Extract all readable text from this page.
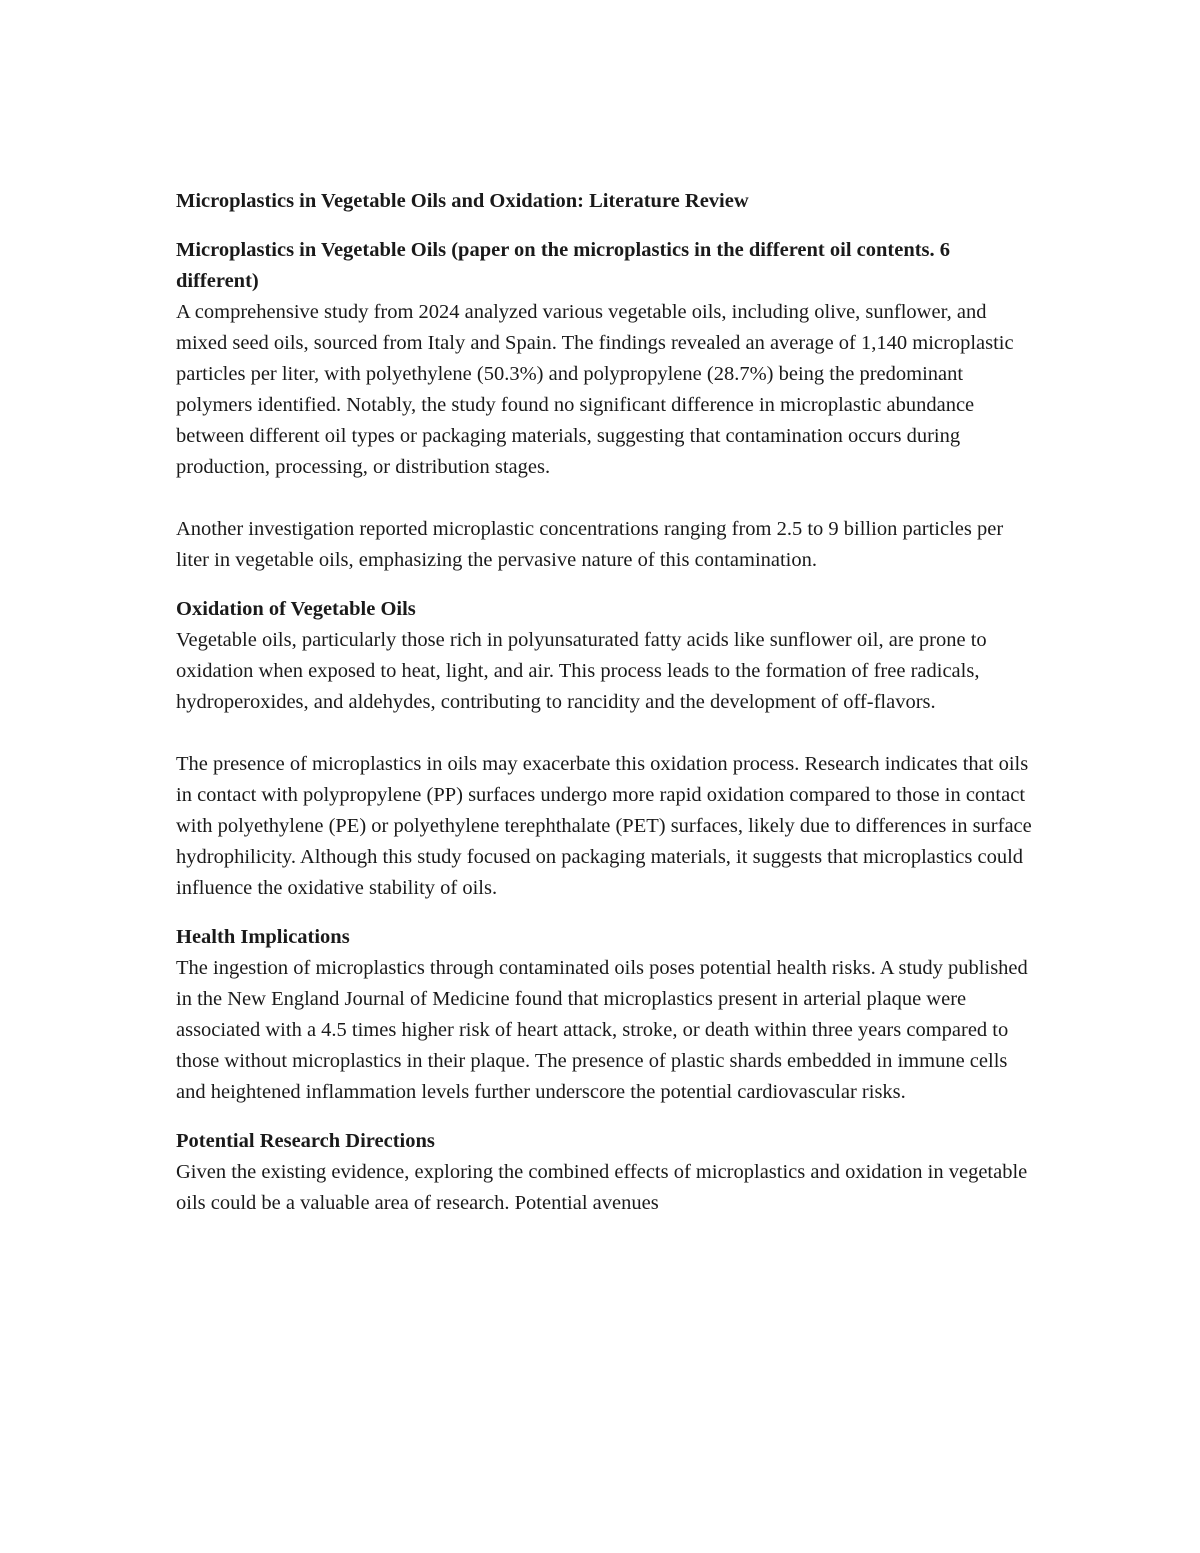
Microplastics in Vegetable Oils and Oxidation: Literature Review

Microplastics in Vegetable Oils (paper on the microplastics in the different oil contents. 6 different)

A comprehensive study from 2024 analyzed various vegetable oils, including olive, sunflower, and mixed seed oils, sourced from Italy and Spain. The findings revealed an average of 1,140 microplastic particles per liter, with polyethylene (50.3%) and polypropylene (28.7%) being the predominant polymers identified. Notably, the study found no significant difference in microplastic abundance between different oil types or packaging materials, suggesting that contamination occurs during production, processing, or distribution stages.

Another investigation reported microplastic concentrations ranging from 2.5 to 9 billion particles per liter in vegetable oils, emphasizing the pervasive nature of this contamination.

Oxidation of Vegetable Oils

Vegetable oils, particularly those rich in polyunsaturated fatty acids like sunflower oil, are prone to oxidation when exposed to heat, light, and air. This process leads to the formation of free radicals, hydroperoxides, and aldehydes, contributing to rancidity and the development of off-flavors.

The presence of microplastics in oils may exacerbate this oxidation process. Research indicates that oils in contact with polypropylene (PP) surfaces undergo more rapid oxidation compared to those in contact with polyethylene (PE) or polyethylene terephthalate (PET) surfaces, likely due to differences in surface hydrophilicity. Although this study focused on packaging materials, it suggests that microplastics could influence the oxidative stability of oils.

Health Implications

The ingestion of microplastics through contaminated oils poses potential health risks. A study published in the New England Journal of Medicine found that microplastics present in arterial plaque were associated with a 4.5 times higher risk of heart attack, stroke, or death within three years compared to those without microplastics in their plaque. The presence of plastic shards embedded in immune cells and heightened inflammation levels further underscore the potential cardiovascular risks.

Potential Research Directions

Given the existing evidence, exploring the combined effects of microplastics and oxidation in vegetable oils could be a valuable area of research. Potential avenues
